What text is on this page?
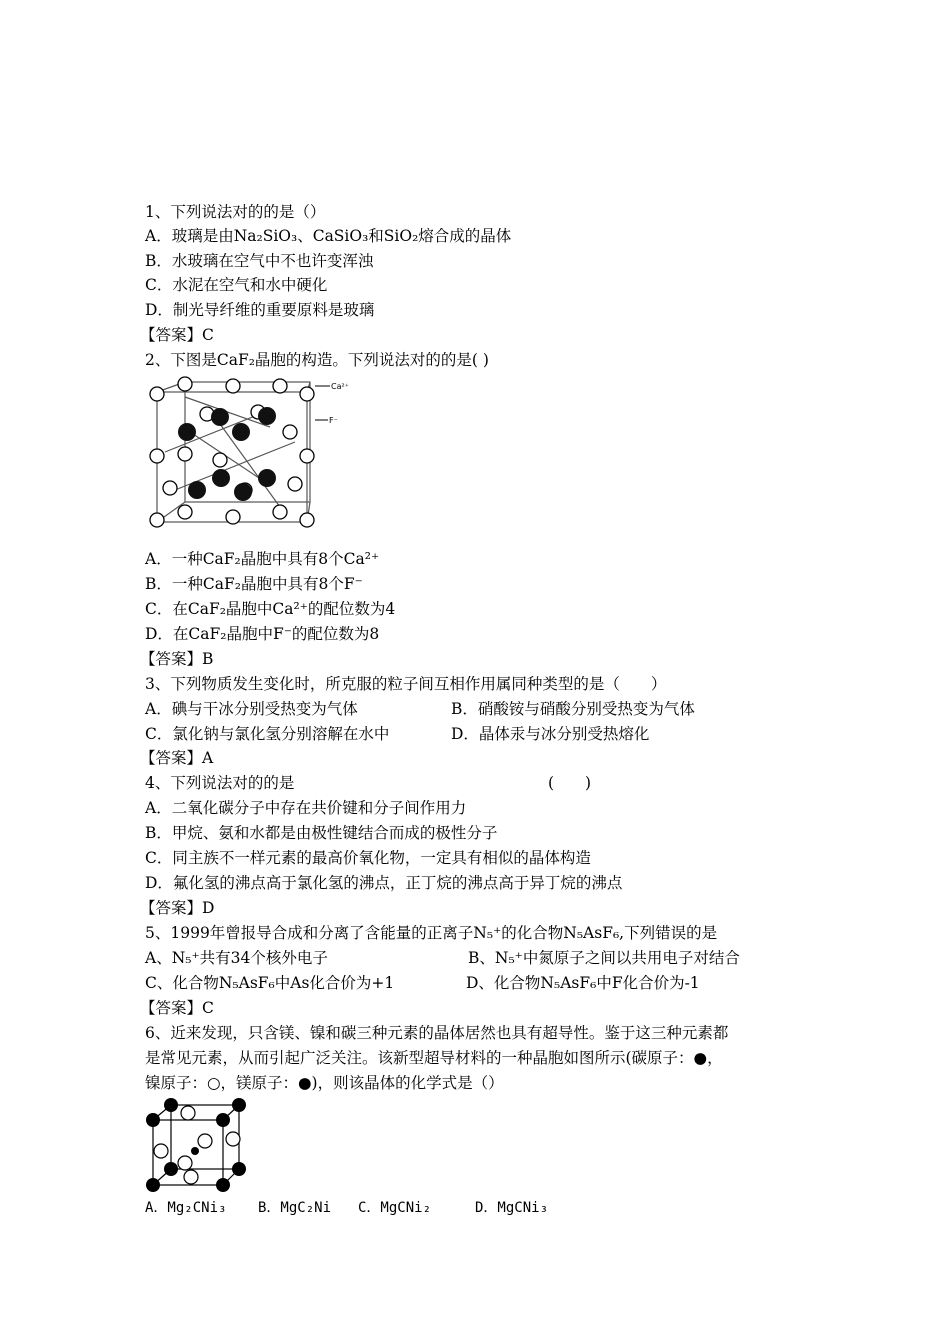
1、下列说法对的的是（）
A．玻璃是由Na₂SiO₃、CaSiO₃和SiO₂熔合成的晶体
B．水玻璃在空气中不也许变浑浊
C．水泥在空气和水中硬化
D．制光导纤维的重要原料是玻璃
【答案】C
2、下图是CaF₂晶胞的构造。下列说法对的的是( )
Ca²⁺
F⁻
A．一种CaF₂晶胞中具有8个Ca²⁺
B．一种CaF₂晶胞中具有8个F⁻
C．在CaF₂晶胞中Ca²⁺的配位数为4
D．在CaF₂晶胞中F⁻的配位数为8
【答案】B
3、下列物质发生变化时，所克服的粒子间互相作用属同种类型的是（　　）
A．碘与干冰分别受热变为气体	B．硝酸铵与硝酸分别受热变为气体
C．氯化钠与氯化氢分别溶解在水中	D．晶体汞与冰分别受热熔化
【答案】A
4、下列说法对的的是	(　　)
A．二氧化碳分子中存在共价键和分子间作用力
B．甲烷、氨和水都是由极性键结合而成的极性分子
C．同主族不一样元素的最高价氧化物，一定具有相似的晶体构造
D．氟化氢的沸点高于氯化氢的沸点，正丁烷的沸点高于异丁烷的沸点
【答案】D
5、1999年曾报导合成和分离了含能量的正离子N₅⁺的化合物N₅AsF₆,下列错误的是
A、N₅⁺共有34个核外电子	B、N₅⁺中氮原子之间以共用电子对结合
C、化合物N₅AsF₆中As化合价为+1	D、化合物N₅AsF₆中F化合价为-1
【答案】C
6、近来发现，只含镁、镍和碳三种元素的晶体居然也具有超导性。鉴于这三种元素都
是常见元素，从而引起广泛关注。该新型超导材料的一种晶胞如图所示(碳原子：●，
镍原子：○，镁原子：●)，则该晶体的化学式是（）
A．Mg₂CNi₃ B．MgC₂Ni C．MgCNi₂	D．MgCNi₃
